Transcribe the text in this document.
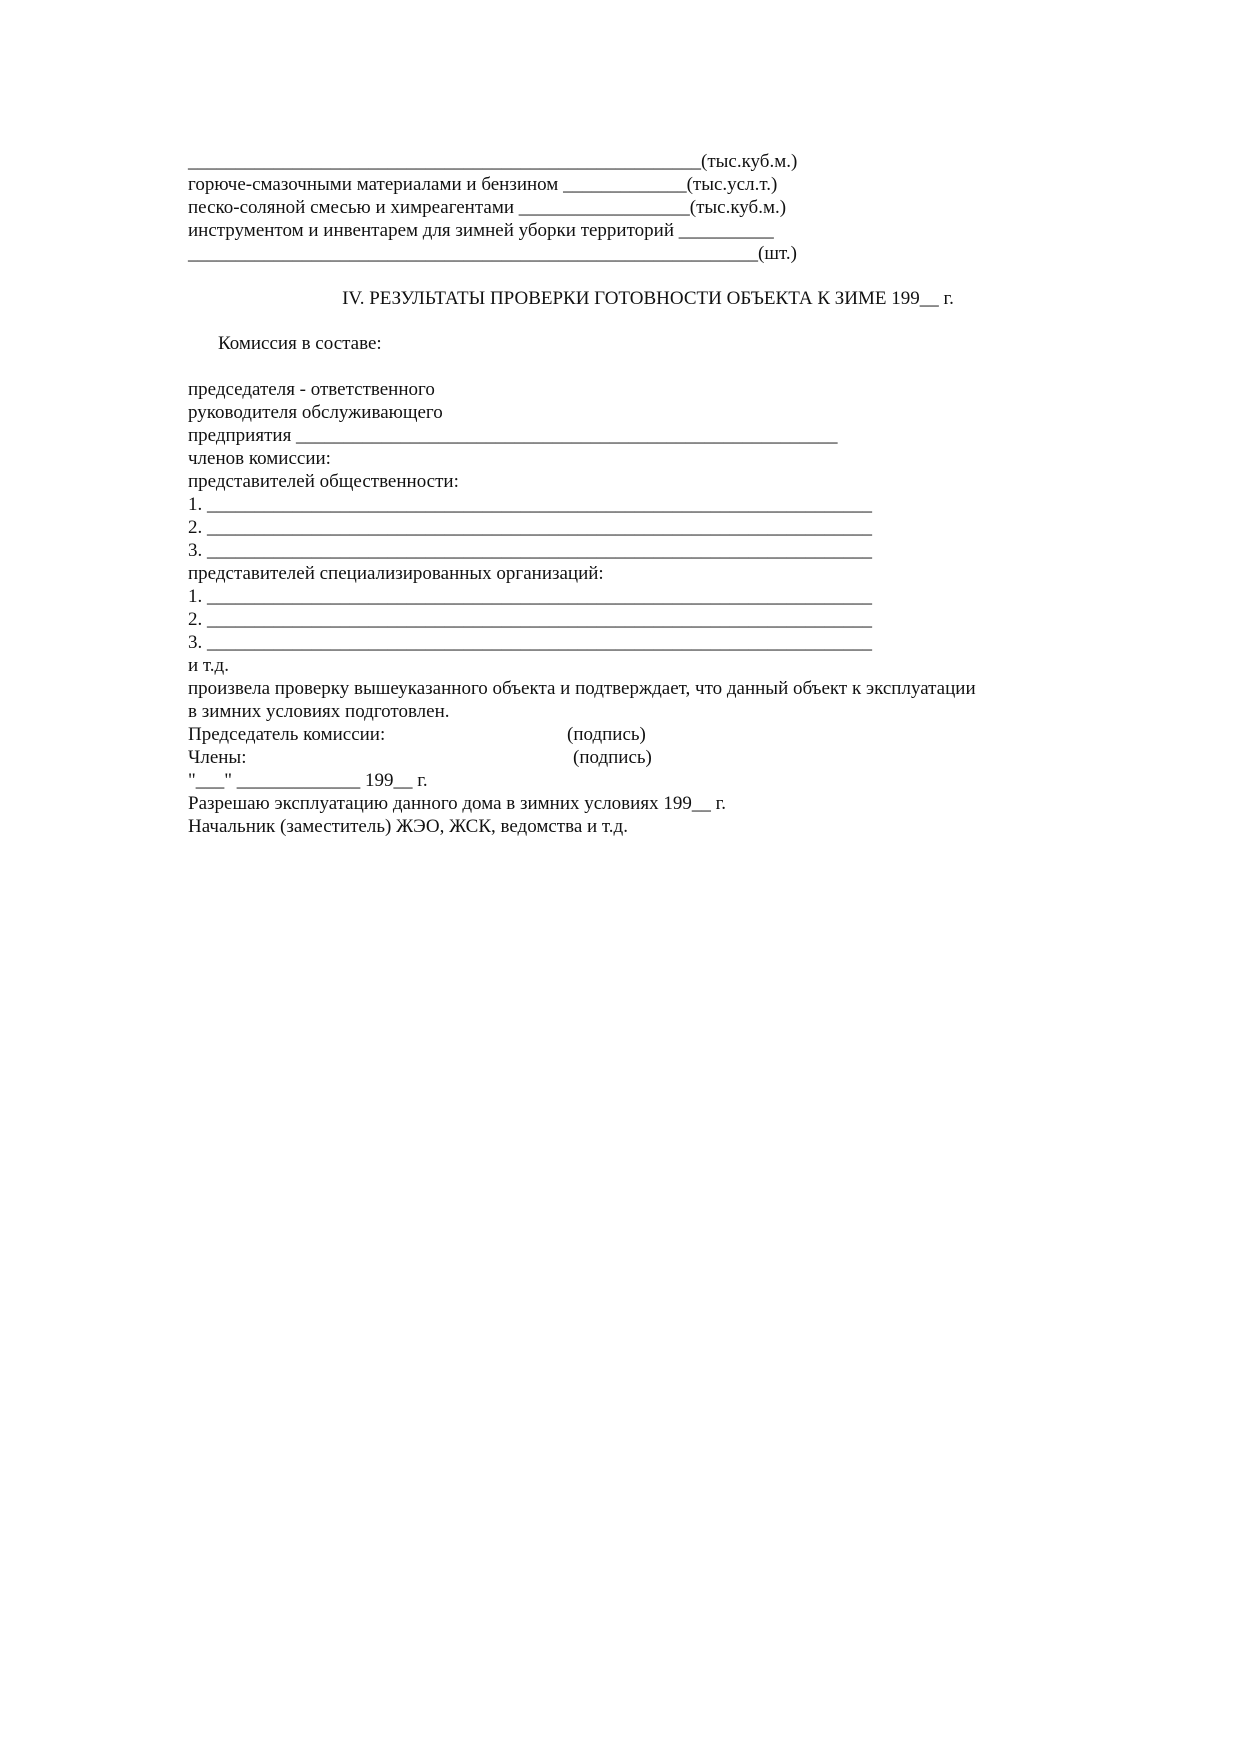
______________________________________________________(тыс.куб.м.)
горюче-смазочными материалами и бензином _____________(тыс.усл.т.)
песко-соляной смесью и химреагентами __________________(тыс.куб.м.)
инструментом и инвентарем для зимней уборки территорий __________
____________________________________________________________(шт.)
IV. РЕЗУЛЬТАТЫ ПРОВЕРКИ ГОТОВНОСТИ ОБЪЕКТА К ЗИМЕ 199__ г.
Комиссия в составе:
председателя - ответственного
руководителя обслуживающего
предприятия _________________________________________________________
членов комиссии:
представителей общественности:
1. ______________________________________________________________________
2. ______________________________________________________________________
3. ______________________________________________________________________
представителей специализированных организаций:
1. ______________________________________________________________________
2. ______________________________________________________________________
3. ______________________________________________________________________
и т.д.
произвела проверку вышеуказанного объекта и подтверждает, что данный объект к эксплуатации
в зимних условиях подготовлен.
Председатель комиссии:	(подпись)
Члены:	(подпись)
"___" _____________ 199__ г.
Разрешаю эксплуатацию данного дома в зимних условиях 199__ г.
Начальник (заместитель) ЖЭО, ЖСК, ведомства и т.д.
